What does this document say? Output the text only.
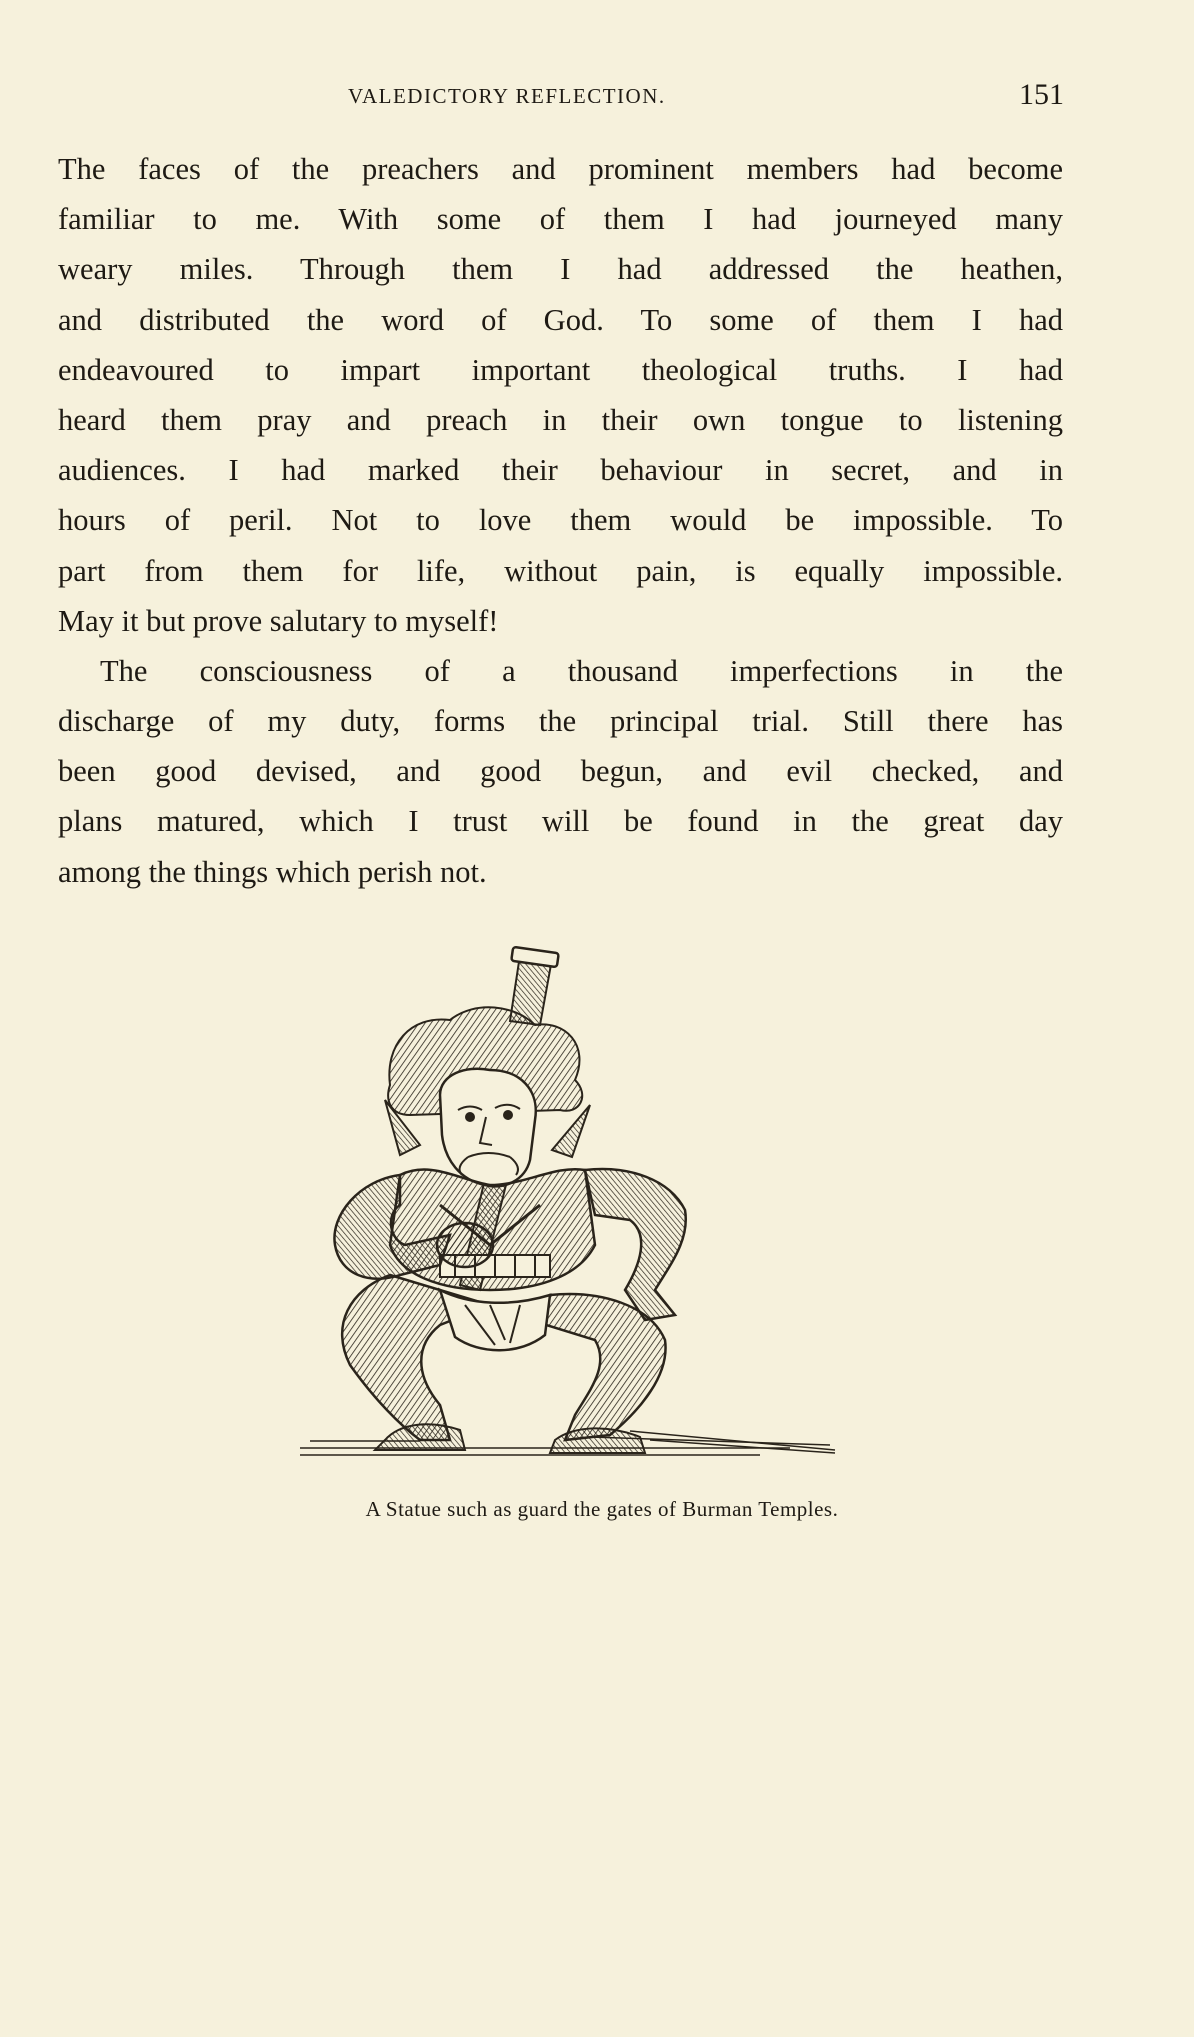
VALEDICTORY REFLECTION.	151
The faces of the preachers and prominent members had become
familiar to me. With some of them I had journeyed many
weary miles. Through them I had addressed the heathen,
and distributed the word of God. To some of them I had
endeavoured to impart important theological truths. I had
heard them pray and preach in their own tongue to listening
audiences. I had marked their behaviour in secret, and in
hours of peril. Not to love them would be impossible. To
part from them for life, without pain, is equally impossible.
May it but prove salutary to myself!
The consciousness of a thousand imperfections in the
discharge of my duty, forms the principal trial. Still there has
been good devised, and good begun, and evil checked, and
plans matured, which I trust will be found in the great day
among the things which perish not.
A Statue such as guard the gates of Burman Temples.
